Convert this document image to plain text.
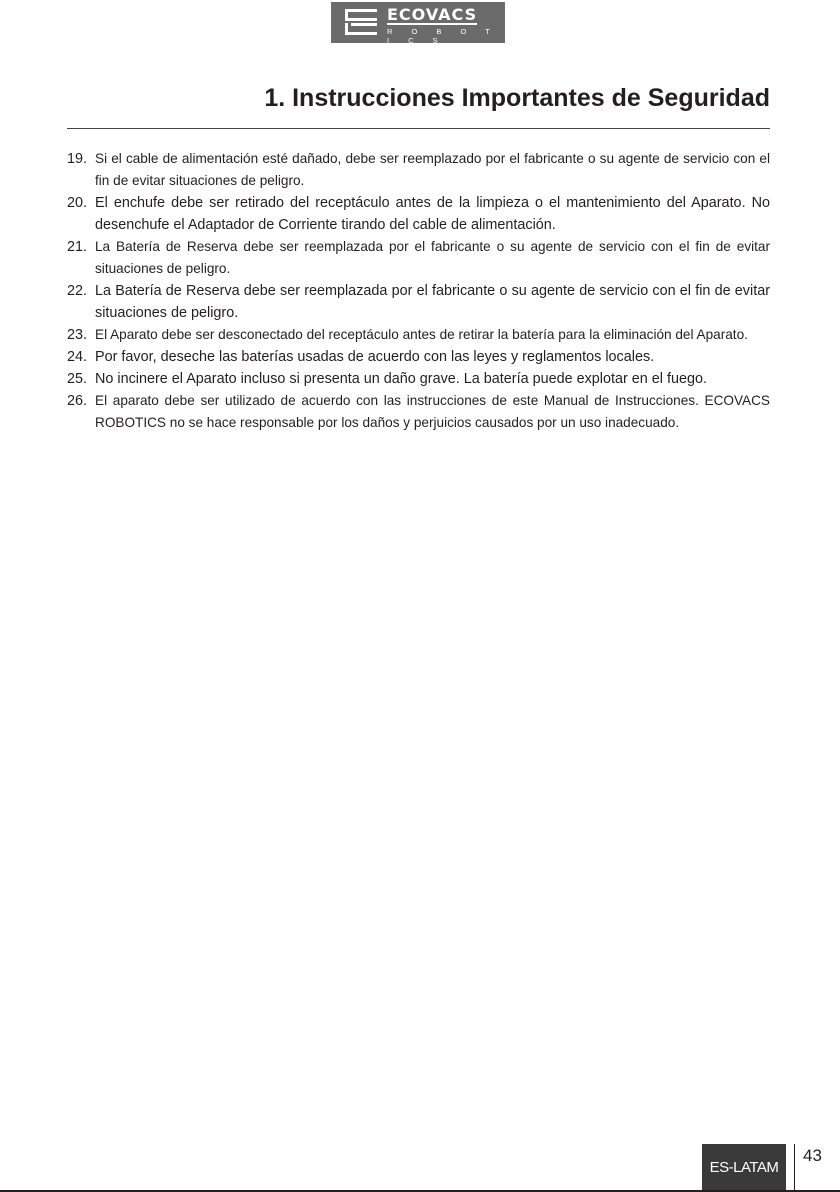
ECOVACS
R O B O T I C S
1. Instrucciones Importantes de Seguridad
19. Si el cable de alimentación esté dañado, debe ser reemplazado por el fabricante o su agente de servicio con el fin de evitar situaciones de peligro.
20. El enchufe debe ser retirado del receptáculo antes de la limpieza o el mantenimiento del Aparato. No desenchufe el Adaptador de Corriente tirando del cable de alimentación.
21. La Batería de Reserva debe ser reemplazada por el fabricante o su agente de servicio con el fin de evitar situaciones de peligro.
22. La Batería de Reserva debe ser reemplazada por el fabricante o su agente de servicio con el fin de evitar situaciones de peligro.
23. El Aparato debe ser desconectado del receptáculo antes de retirar la batería para la eliminación del Aparato.
24. Por favor, deseche las baterías usadas de acuerdo con las leyes y reglamentos locales.
25. No incinere el Aparato incluso si presenta un daño grave. La batería puede explotar en el fuego.
26. El aparato debe ser utilizado de acuerdo con las instrucciones de este Manual de Instrucciones. ECOVACS ROBOTICS no se hace responsable por los daños y perjuicios causados por un uso inadecuado.
ES-LATAM
43
